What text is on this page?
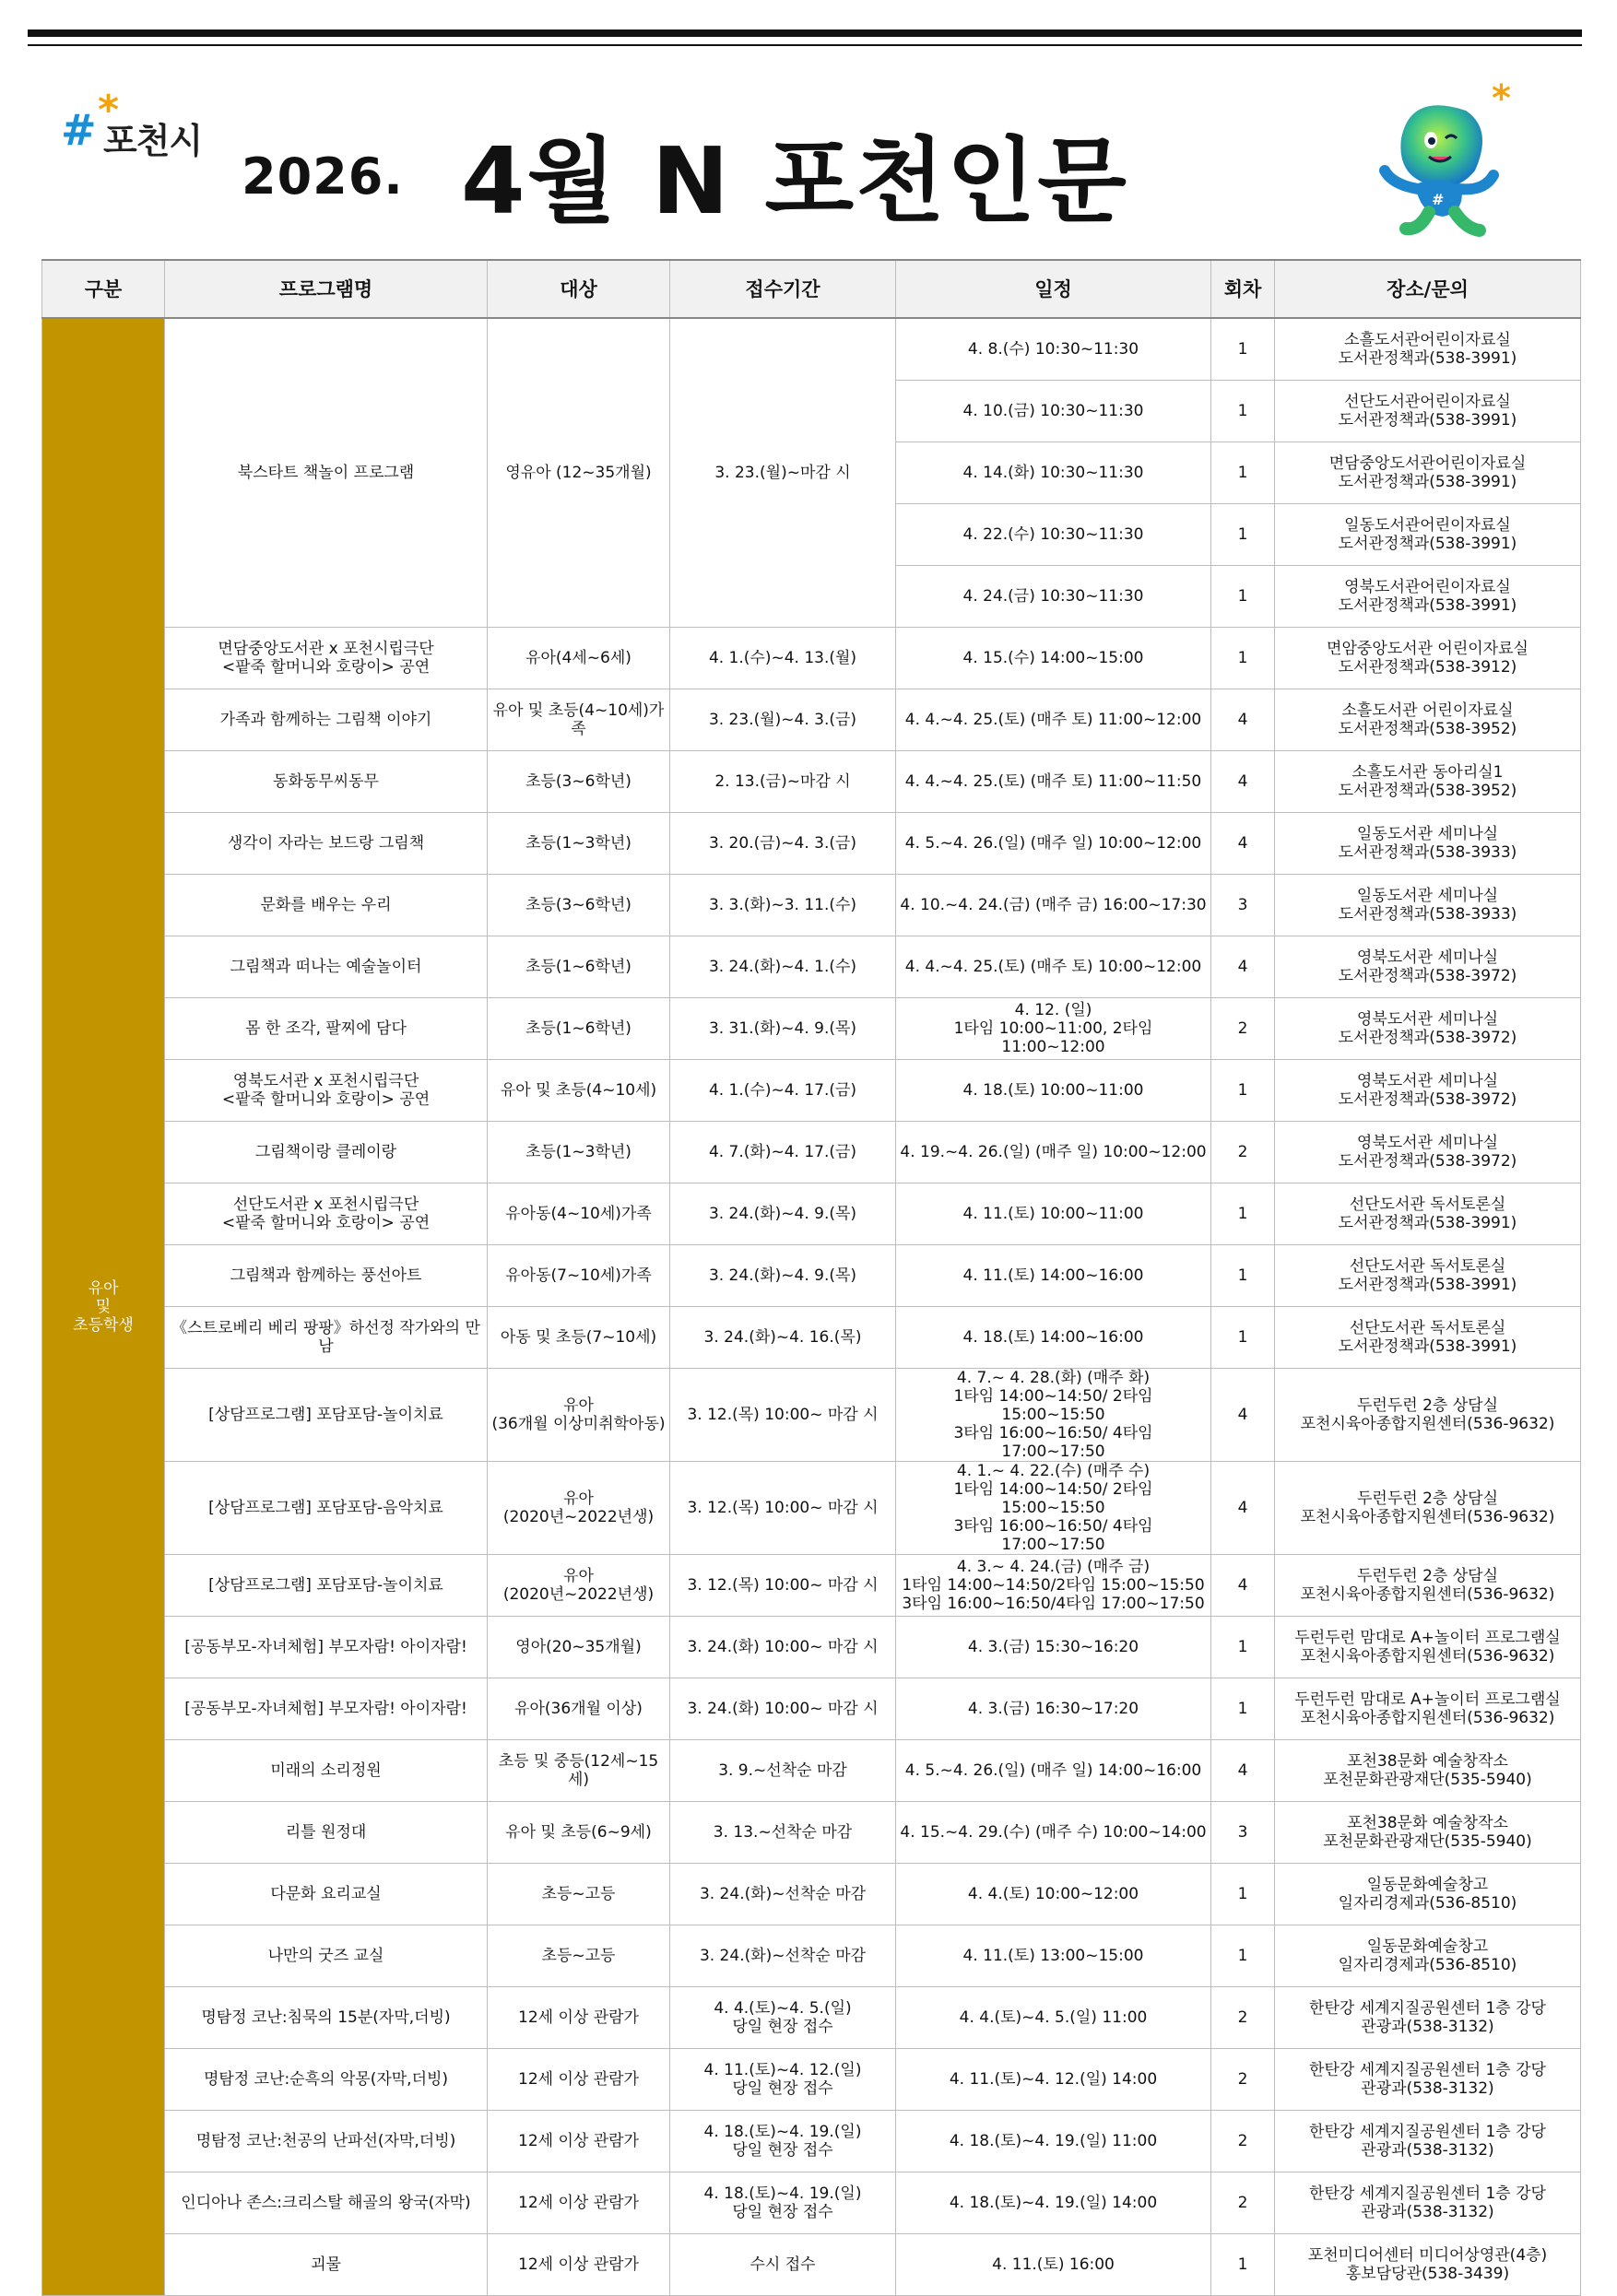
# *
포천시
2026. 4월 N 포천인문
*
#
구분	프로그램명	대상	접수기간	일정	회차	장소/문의
유아
및
초등학생	북스타트 책놀이 프로그램	영유아 (12~35개월)	3. 23.(월)~마감 시	4. 8.(수) 10:30~11:30	1	소흘도서관어린이자료실
도서관정책과(538-3991)
				4. 10.(금) 10:30~11:30	1	선단도서관어린이자료실
도서관정책과(538-3991)
				4. 14.(화) 10:30~11:30	1	면담중앙도서관어린이자료실
도서관정책과(538-3991)
				4. 22.(수) 10:30~11:30	1	일동도서관어린이자료실
도서관정책과(538-3991)
				4. 24.(금) 10:30~11:30	1	영북도서관어린이자료실
도서관정책과(538-3991)
	면담중앙도서관 x 포천시립극단
<팥죽 할머니와 호랑이> 공연	유아(4세~6세)	4. 1.(수)~4. 13.(월)	4. 15.(수) 14:00~15:00	1	면암중앙도서관 어린이자료실
도서관정책과(538-3912)
	가족과 함께하는 그림책 이야기	유아 및 초등(4~10세)가족	3. 23.(월)~4. 3.(금)	4. 4.~4. 25.(토) (매주 토) 11:00~12:00	4	소흘도서관 어린이자료실
도서관정책과(538-3952)
	동화동무씨동무	초등(3~6학년)	2. 13.(금)~마감 시	4. 4.~4. 25.(토) (매주 토) 11:00~11:50	4	소흘도서관 동아리실1
도서관정책과(538-3952)
	생각이 자라는 보드랑 그림책	초등(1~3학년)	3. 20.(금)~4. 3.(금)	4. 5.~4. 26.(일) (매주 일) 10:00~12:00	4	일동도서관 세미나실
도서관정책과(538-3933)
	문화를 배우는 우리	초등(3~6학년)	3. 3.(화)~3. 11.(수)	4. 10.~4. 24.(금) (매주 금) 16:00~17:30	3	일동도서관 세미나실
도서관정책과(538-3933)
	그림책과 떠나는 예술놀이터	초등(1~6학년)	3. 24.(화)~4. 1.(수)	4. 4.~4. 25.(토) (매주 토) 10:00~12:00	4	영북도서관 세미나실
도서관정책과(538-3972)
	몸 한 조각, 팔찌에 담다	초등(1~6학년)	3. 31.(화)~4. 9.(목)	4. 12. (일)
1타임 10:00~11:00, 2타임 11:00~12:00	2	영북도서관 세미나실
도서관정책과(538-3972)
	영북도서관 x 포천시립극단
<팥죽 할머니와 호랑이> 공연	유아 및 초등(4~10세)	4. 1.(수)~4. 17.(금)	4. 18.(토) 10:00~11:00	1	영북도서관 세미나실
도서관정책과(538-3972)
	그림책이랑 클레이랑	초등(1~3학년)	4. 7.(화)~4. 17.(금)	4. 19.~4. 26.(일) (매주 일) 10:00~12:00	2	영북도서관 세미나실
도서관정책과(538-3972)
	선단도서관 x 포천시립극단
<팥죽 할머니와 호랑이> 공연	유아동(4~10세)가족	3. 24.(화)~4. 9.(목)	4. 11.(토) 10:00~11:00	1	선단도서관 독서토론실
도서관정책과(538-3991)
	그림책과 함께하는 풍선아트	유아동(7~10세)가족	3. 24.(화)~4. 9.(목)	4. 11.(토) 14:00~16:00	1	선단도서관 독서토론실
도서관정책과(538-3991)
	《스트로베리 베리 팡팡》하선정 작가와의 만남	아동 및 초등(7~10세)	3. 24.(화)~4. 16.(목)	4. 18.(토) 14:00~16:00	1	선단도서관 독서토론실
도서관정책과(538-3991)
	[상담프로그램] 포담포담-놀이치료	유아
(36개월 이상미취학아동)	3. 12.(목) 10:00~ 마감 시	4. 7.~ 4. 28.(화) (매주 화)
1타임 14:00~14:50/ 2타임 15:00~15:50
3타임 16:00~16:50/ 4타임 17:00~17:50	4	두런두런 2층 상담실
포천시육아종합지원센터(536-9632)
	[상담프로그램] 포담포담-음악치료	유아
(2020년~2022년생)	3. 12.(목) 10:00~ 마감 시	4. 1.~ 4. 22.(수) (매주 수)
1타임 14:00~14:50/ 2타임 15:00~15:50
3타임 16:00~16:50/ 4타임 17:00~17:50	4	두런두런 2층 상담실
포천시육아종합지원센터(536-9632)
	[상담프로그램] 포담포담-놀이치료	유아
(2020년~2022년생)	3. 12.(목) 10:00~ 마감 시	4. 3.~ 4. 24.(금) (매주 금)
1타임 14:00~14:50/2타임 15:00~15:50
3타임 16:00~16:50/4타임 17:00~17:50	4	두런두런 2층 상담실
포천시육아종합지원센터(536-9632)
	[공동부모-자녀체험] 부모자람! 아이자람!	영아(20~35개월)	3. 24.(화) 10:00~ 마감 시	4. 3.(금) 15:30~16:20	1	두런두런 맘대로 A+놀이터 프로그램실
포천시육아종합지원센터(536-9632)
	[공동부모-자녀체험] 부모자람! 아이자람!	유아(36개월 이상)	3. 24.(화) 10:00~ 마감 시	4. 3.(금) 16:30~17:20	1	두런두런 맘대로 A+놀이터 프로그램실
포천시육아종합지원센터(536-9632)
	미래의 소리정원	초등 및 중등(12세~15세)	3. 9.~선착순 마감	4. 5.~4. 26.(일) (매주 일) 14:00~16:00	4	포천38문화 예술창작소
포천문화관광재단(535-5940)
	리틀 원정대	유아 및 초등(6~9세)	3. 13.~선착순 마감	4. 15.~4. 29.(수) (매주 수) 10:00~14:00	3	포천38문화 예술창작소
포천문화관광재단(535-5940)
	다문화 요리교실	초등~고등	3. 24.(화)~선착순 마감	4. 4.(토) 10:00~12:00	1	일동문화예술창고
일자리경제과(536-8510)
	나만의 굿즈 교실	초등~고등	3. 24.(화)~선착순 마감	4. 11.(토) 13:00~15:00	1	일동문화예술창고
일자리경제과(536-8510)
	명탐정 코난:침묵의 15분(자막,더빙)	12세 이상 관람가	4. 4.(토)~4. 5.(일)
당일 현장 접수	4. 4.(토)~4. 5.(일) 11:00	2	한탄강 세계지질공원센터 1층 강당
관광과(538-3132)
	명탐정 코난:순흑의 악몽(자막,더빙)	12세 이상 관람가	4. 11.(토)~4. 12.(일)
당일 현장 접수	4. 11.(토)~4. 12.(일) 14:00	2	한탄강 세계지질공원센터 1층 강당
관광과(538-3132)
	명탐정 코난:천공의 난파선(자막,더빙)	12세 이상 관람가	4. 18.(토)~4. 19.(일)
당일 현장 접수	4. 18.(토)~4. 19.(일) 11:00	2	한탄강 세계지질공원센터 1층 강당
관광과(538-3132)
	인디아나 존스:크리스탈 해골의 왕국(자막)	12세 이상 관람가	4. 18.(토)~4. 19.(일)
당일 현장 접수	4. 18.(토)~4. 19.(일) 14:00	2	한탄강 세계지질공원센터 1층 강당
관광과(538-3132)
	괴물	12세 이상 관람가	수시 접수	4. 11.(토) 16:00	1	포천미디어센터 미디어상영관(4층)
홍보담당관(538-3439)
